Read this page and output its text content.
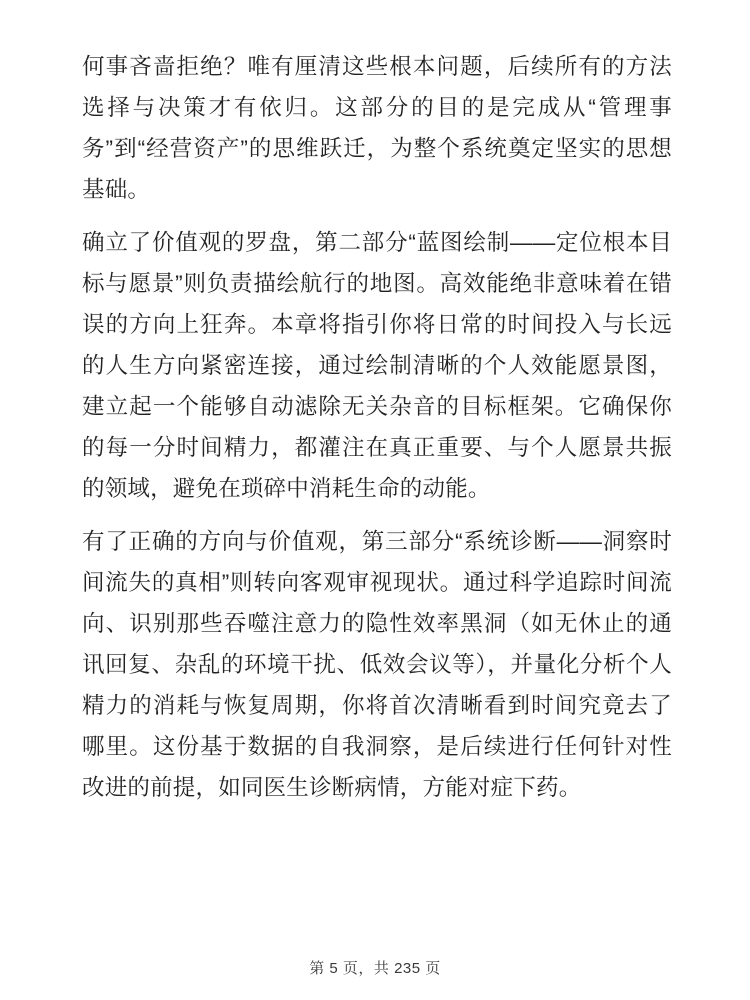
何事吝啬拒绝？唯有厘清这些根本问题，后续所有的方法选择与决策才有依归。这部分的目的是完成从“管理事务”到“经营资产”的思维跃迁，为整个系统奠定坚实的思想基础。

确立了价值观的罗盘，第二部分“蓝图绘制——定位根本目标与愿景”则负责描绘航行的地图。高效能绝非意味着在错误的方向上狂奔。本章将指引你将日常的时间投入与长远的人生方向紧密连接，通过绘制清晰的个人效能愿景图，建立起一个能够自动滤除无关杂音的目标框架。它确保你的每一分时间精力，都灌注在真正重要、与个人愿景共振的领域，避免在琐碎中消耗生命的动能。

有了正确的方向与价值观，第三部分“系统诊断——洞察时间流失的真相”则转向客观审视现状。通过科学追踪时间流向、识别那些吞噬注意力的隐性效率黑洞（如无休止的通讯回复、杂乱的环境干扰、低效会议等），并量化分析个人精力的消耗与恢复周期，你将首次清晰看到时间究竟去了哪里。这份基于数据的自我洞察，是后续进行任何针对性改进的前提，如同医生诊断病情，方能对症下药。

第 5 页，共 235 页
